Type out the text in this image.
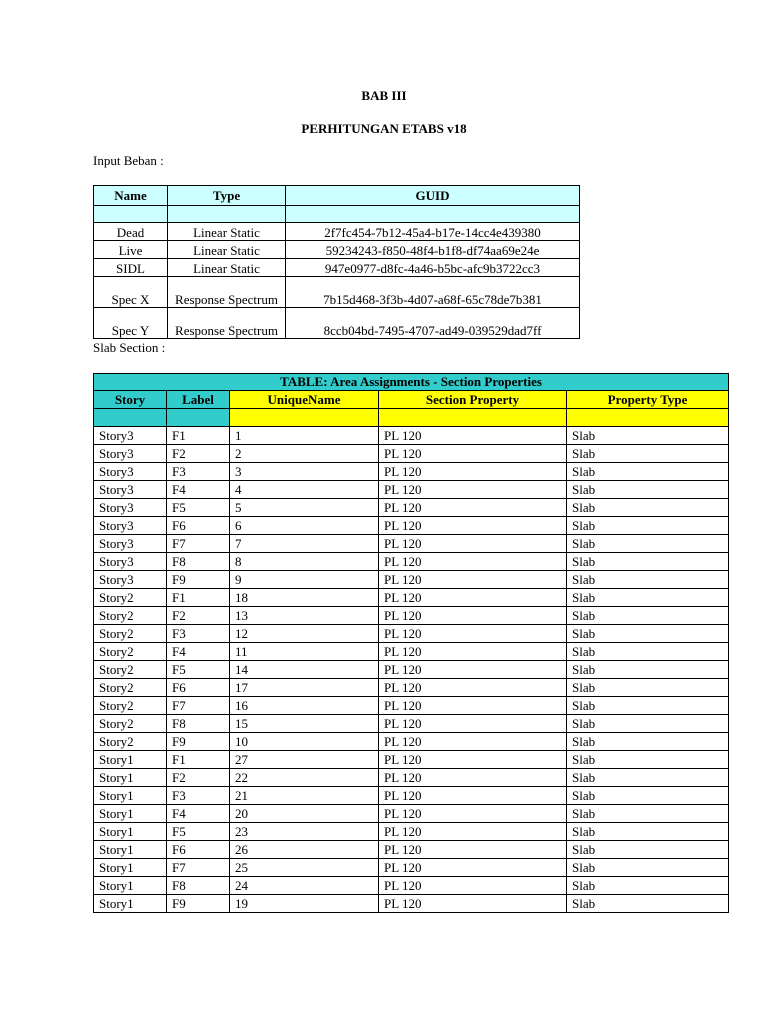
BAB III
PERHITUNGAN ETABS v18
Input Beban :
Name	Type	GUID

Dead	Linear Static	2f7fc454-7b12-45a4-b17e-14cc4e439380
Live	Linear Static	59234243-f850-48f4-b1f8-df74aa69e24e
SIDL	Linear Static	947e0977-d8fc-4a46-b5bc-afc9b3722cc3
Spec X	Response Spectrum	7b15d468-3f3b-4d07-a68f-65c78de7b381
Spec Y	Response Spectrum	8ccb04bd-7495-4707-ad49-039529dad7ff
Slab Section :
TABLE: Area Assignments - Section Properties				
Story	Label	UniqueName	Section Property	Property Type

Story3	F1	1	PL 120	Slab
Story3	F2	2	PL 120	Slab
Story3	F3	3	PL 120	Slab
Story3	F4	4	PL 120	Slab
Story3	F5	5	PL 120	Slab
Story3	F6	6	PL 120	Slab
Story3	F7	7	PL 120	Slab
Story3	F8	8	PL 120	Slab
Story3	F9	9	PL 120	Slab
Story2	F1	18	PL 120	Slab
Story2	F2	13	PL 120	Slab
Story2	F3	12	PL 120	Slab
Story2	F4	11	PL 120	Slab
Story2	F5	14	PL 120	Slab
Story2	F6	17	PL 120	Slab
Story2	F7	16	PL 120	Slab
Story2	F8	15	PL 120	Slab
Story2	F9	10	PL 120	Slab
Story1	F1	27	PL 120	Slab
Story1	F2	22	PL 120	Slab
Story1	F3	21	PL 120	Slab
Story1	F4	20	PL 120	Slab
Story1	F5	23	PL 120	Slab
Story1	F6	26	PL 120	Slab
Story1	F7	25	PL 120	Slab
Story1	F8	24	PL 120	Slab
Story1	F9	19	PL 120	Slab
